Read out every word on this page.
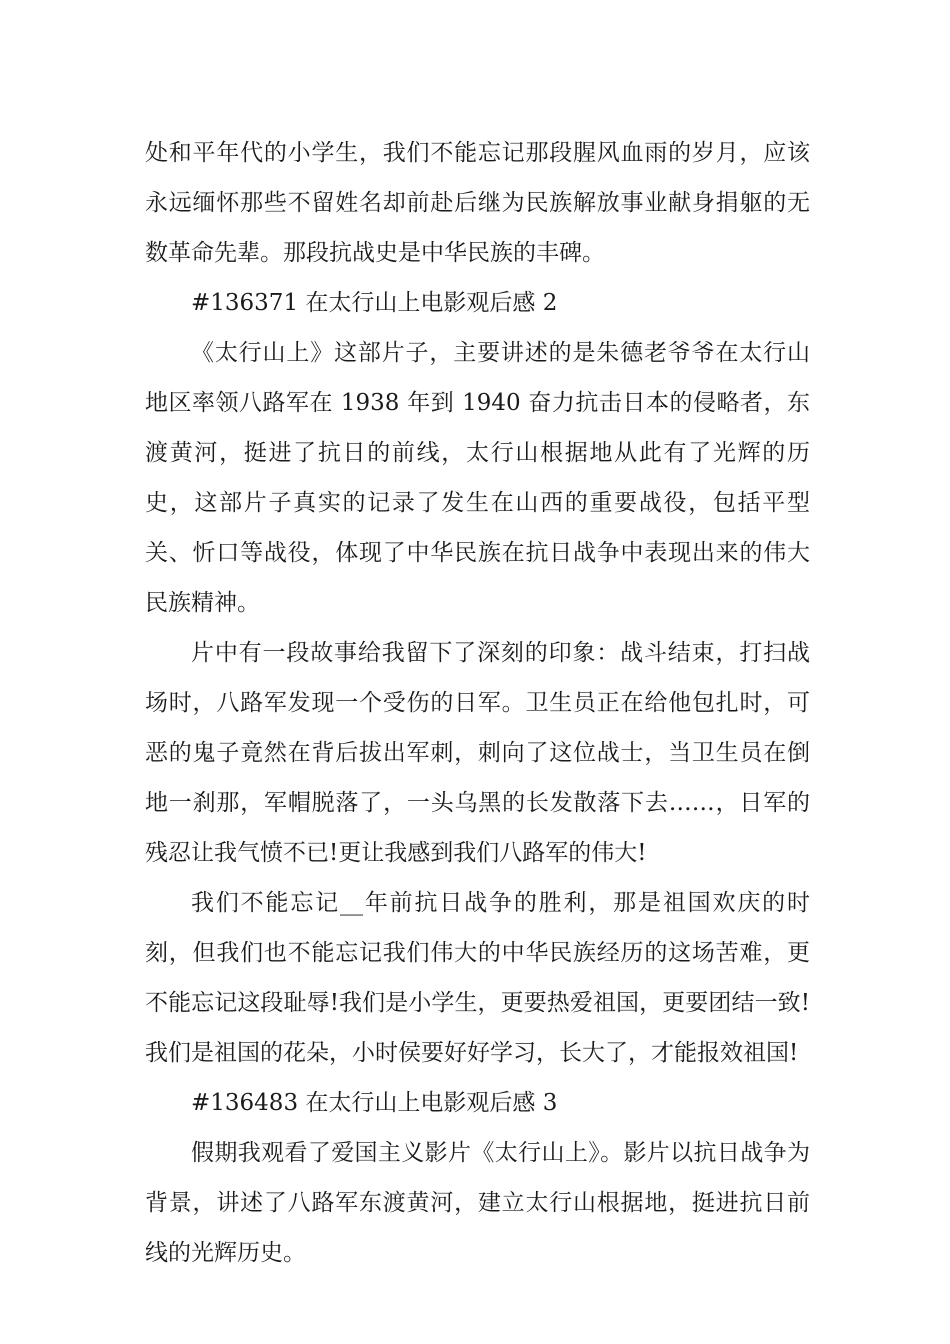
处和平年代的小学生，我们不能忘记那段腥风血雨的岁月，应该永远缅怀那些不留姓名却前赴后继为民族解放事业献身捐躯的无数革命先辈。那段抗战史是中华民族的丰碑。

#136371 在太行山上电影观后感 2

《太行山上》这部片子，主要讲述的是朱德老爷爷在太行山地区率领八路军在 1938 年到 1940 奋力抗击日本的侵略者，东渡黄河，挺进了抗日的前线，太行山根据地从此有了光辉的历史，这部片子真实的记录了发生在山西的重要战役，包括平型关、忻口等战役，体现了中华民族在抗日战争中表现出来的伟大民族精神。

片中有一段故事给我留下了深刻的印象：战斗结束，打扫战场时，八路军发现一个受伤的日军。卫生员正在给他包扎时，可恶的鬼子竟然在背后拔出军刺，刺向了这位战士，当卫生员在倒地一刹那，军帽脱落了，一头乌黑的长发散落下去……，日军的残忍让我气愤不已!更让我感到我们八路军的伟大!

我们不能忘记__年前抗日战争的胜利，那是祖国欢庆的时刻，但我们也不能忘记我们伟大的中华民族经历的这场苦难，更不能忘记这段耻辱!我们是小学生，更要热爱祖国，更要团结一致!我们是祖国的花朵，小时侯要好好学习，长大了，才能报效祖国!

#136483 在太行山上电影观后感 3

假期我观看了爱国主义影片《太行山上》。影片以抗日战争为背景，讲述了八路军东渡黄河，建立太行山根据地，挺进抗日前线的光辉历史。
